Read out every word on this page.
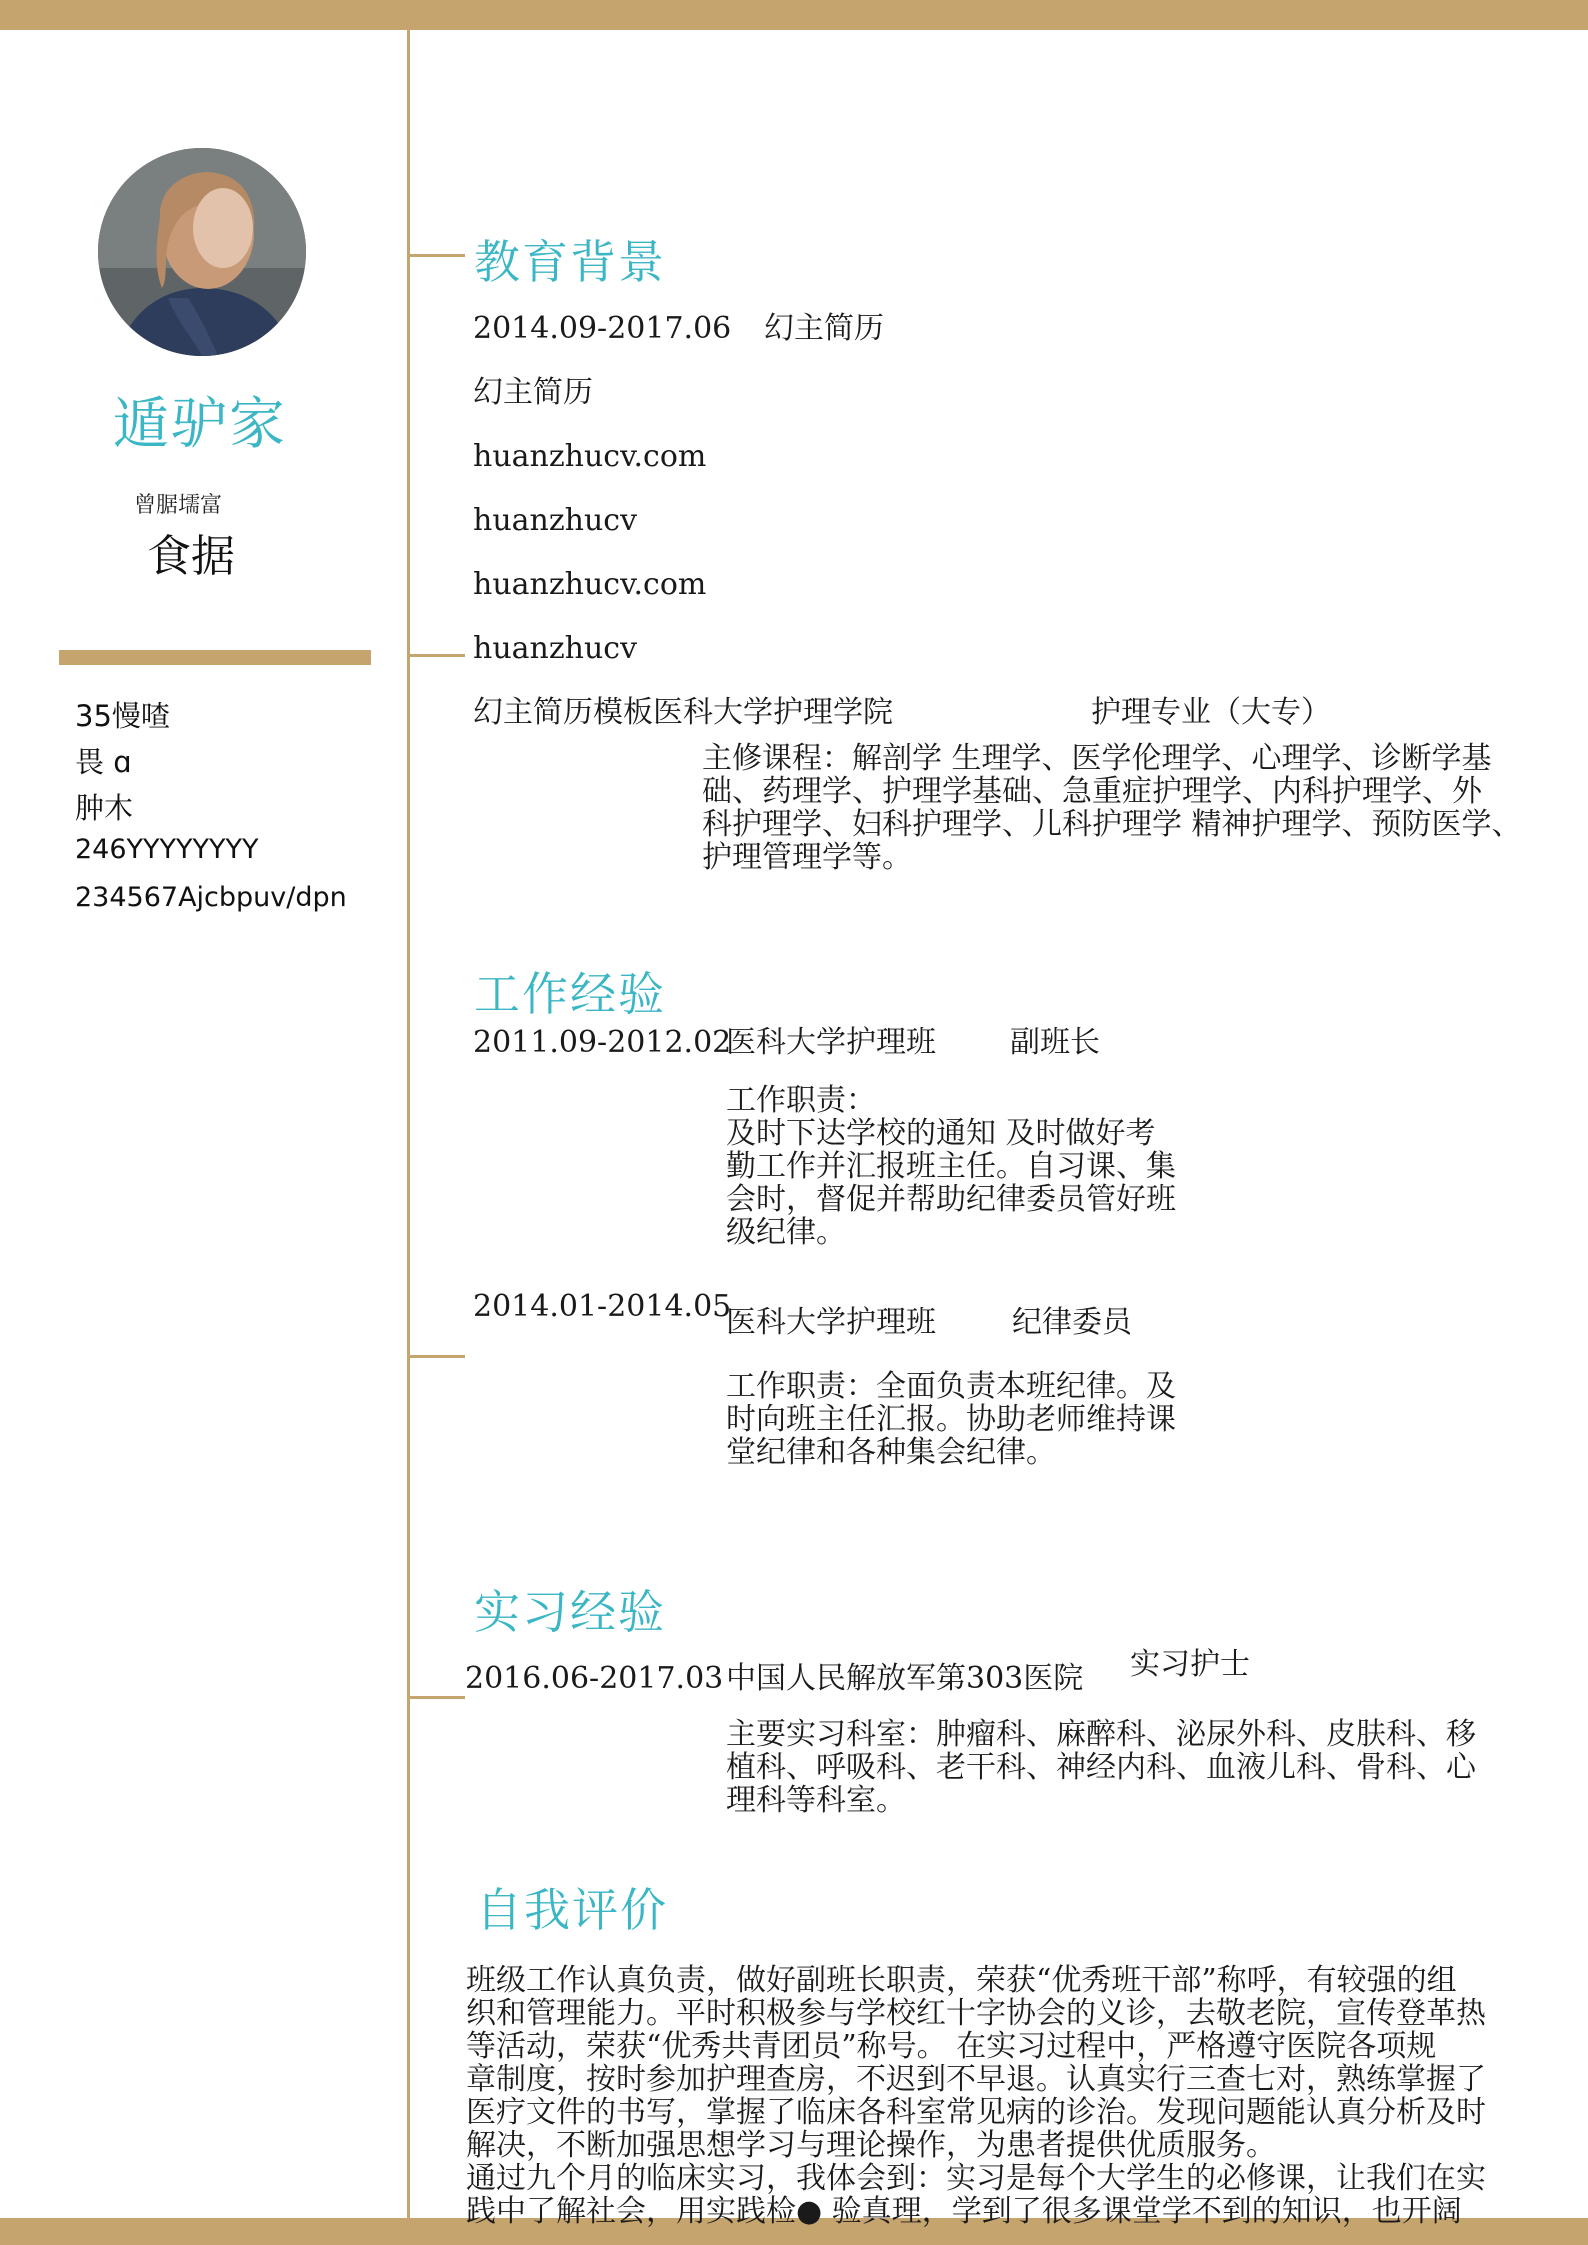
遁驴家
曾腒壖富
食据
35慢喳
畏 ɑ
肿木
246YYYYYYYY
234567Ajcbpuv/dpn
教育背景
2014.09-2017.06 幻主简历
幻主简历
huanzhucv.com
huanzhucv
huanzhucv.com
huanzhucv
幻主简历模板医科大学护理学院	护理专业（大专）
主修课程：解剖学 生理学、医学伦理学、心理学、诊断学基
础、药理学、护理学基础、急重症护理学、内科护理学、外
科护理学、妇科护理学、儿科护理学 精神护理学、预防医学、
护理管理学等。
工作经验
2011.09-2012.02
医科大学护理班 副班长
工作职责：
及时下达学校的通知 及时做好考
勤工作并汇报班主任。自习课、集
会时，督促并帮助纪律委员管好班
级纪律。
2014.01-2014.05
医科大学护理班	纪律委员
工作职责：全面负责本班纪律。及
时向班主任汇报。协助老师维持课
堂纪律和各种集会纪律。
实习经验
2016.06-2017.03 中国人民解放军第303医院 实习护士
主要实习科室：肿瘤科、麻醉科、泌尿外科、皮肤科、移
植科、呼吸科、老干科、神经内科、血液儿科、骨科、心
理科等科室。
自我评价
班级工作认真负责，做好副班长职责，荣获“优秀班干部”称呼，有较强的组
织和管理能力。平时积极参与学校红十字协会的义诊，去敬老院，宣传登革热
等活动，荣获“优秀共青团员”称号。 在实习过程中，严格遵守医院各项规
章制度，按时参加护理查房，不迟到不早退。认真实行三查七对，熟练掌握了
医疗文件的书写，掌握了临床各科室常见病的诊治。发现问题能认真分析及时
解决，不断加强思想学习与理论操作，为患者提供优质服务。
通过九个月的临床实习，我体会到：实习是每个大学生的必修课，让我们在实
践中了解社会，用实践检● 验真理，学到了很多课堂学不到的知识，也开阔
